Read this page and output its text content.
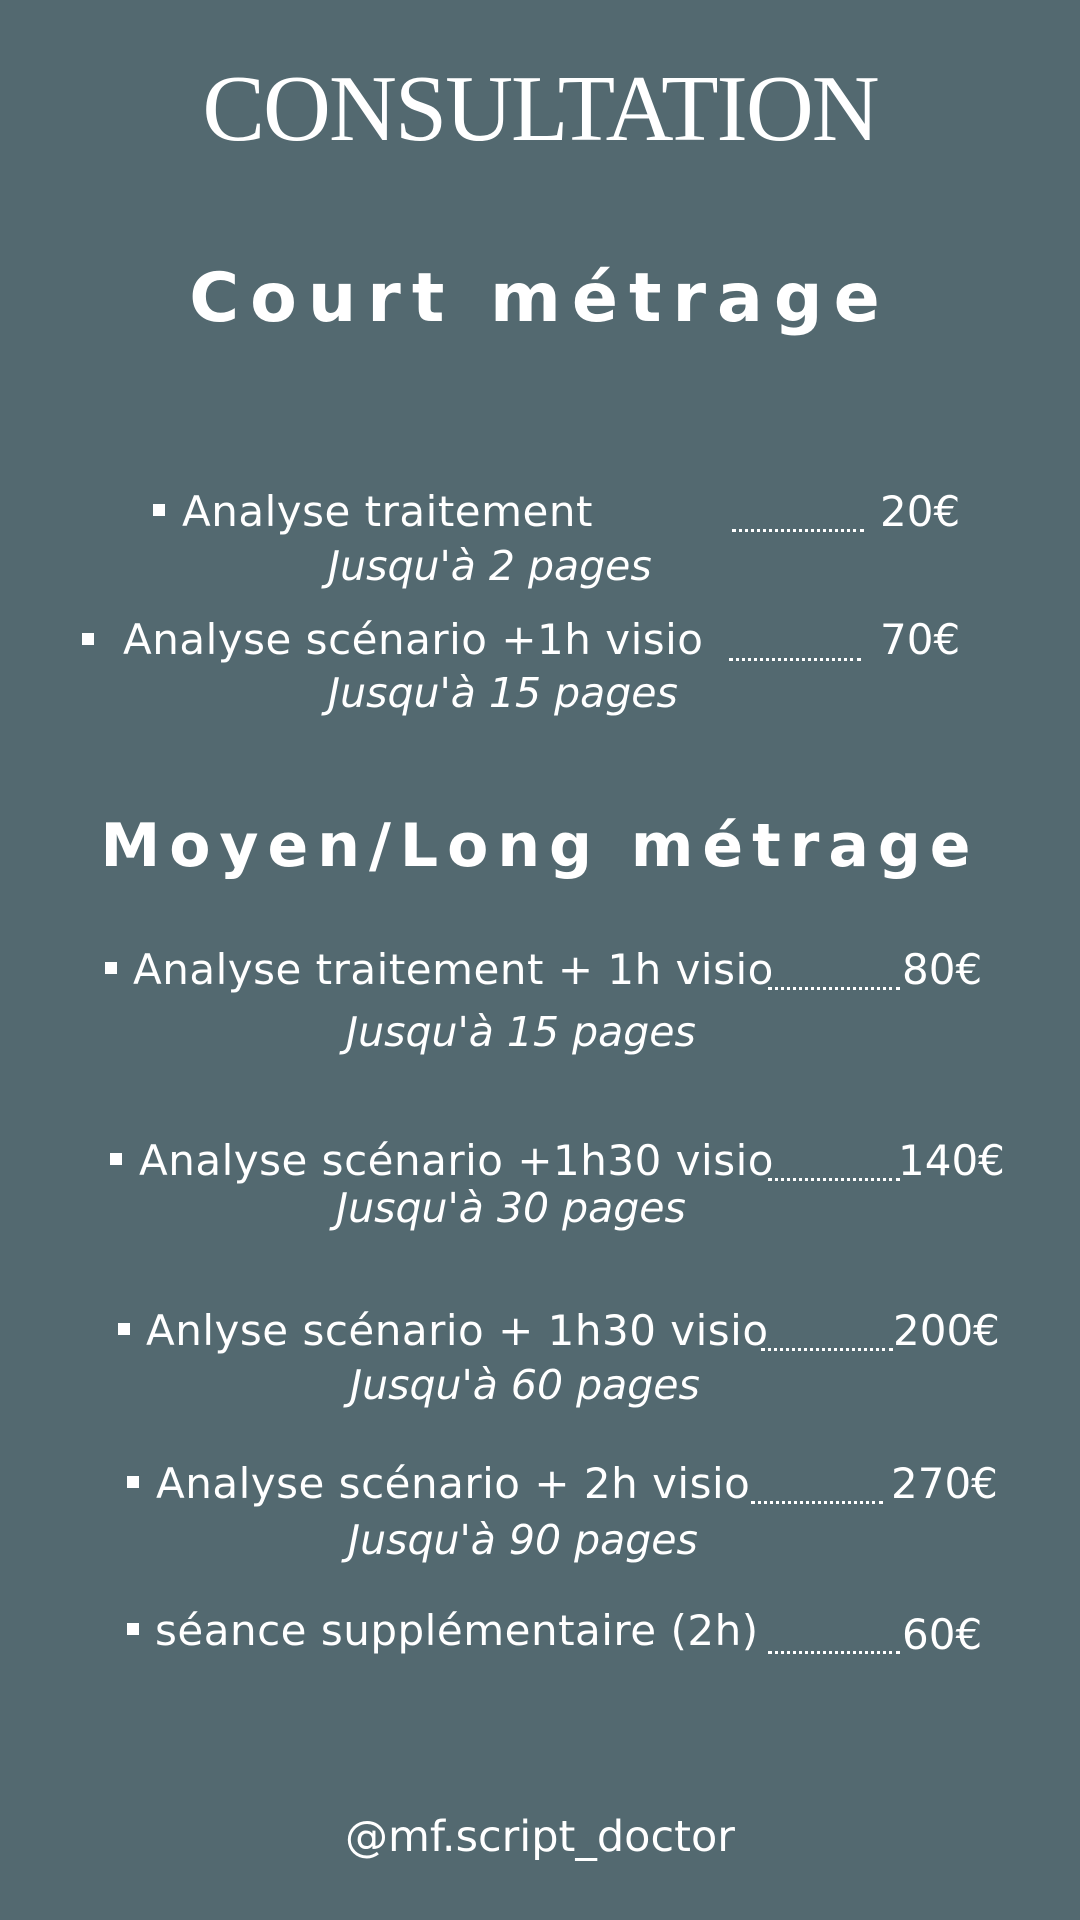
CONSULTATION
Court métrage
Analyse traitement	20€
Jusqu'à 2 pages
Analyse scénario +1h visio	70€
Jusqu'à 15 pages
Moyen/Long métrage
Analyse traitement + 1h visio	80€
Jusqu'à 15 pages
Analyse scénario +1h30 visio	140€
Jusqu'à 30 pages
Anlyse scénario + 1h30 visio	200€
Jusqu'à 60 pages
Analyse scénario + 2h visio	270€
Jusqu'à 90 pages
séance supplémentaire (2h)	60€
@mf.script_doctor
